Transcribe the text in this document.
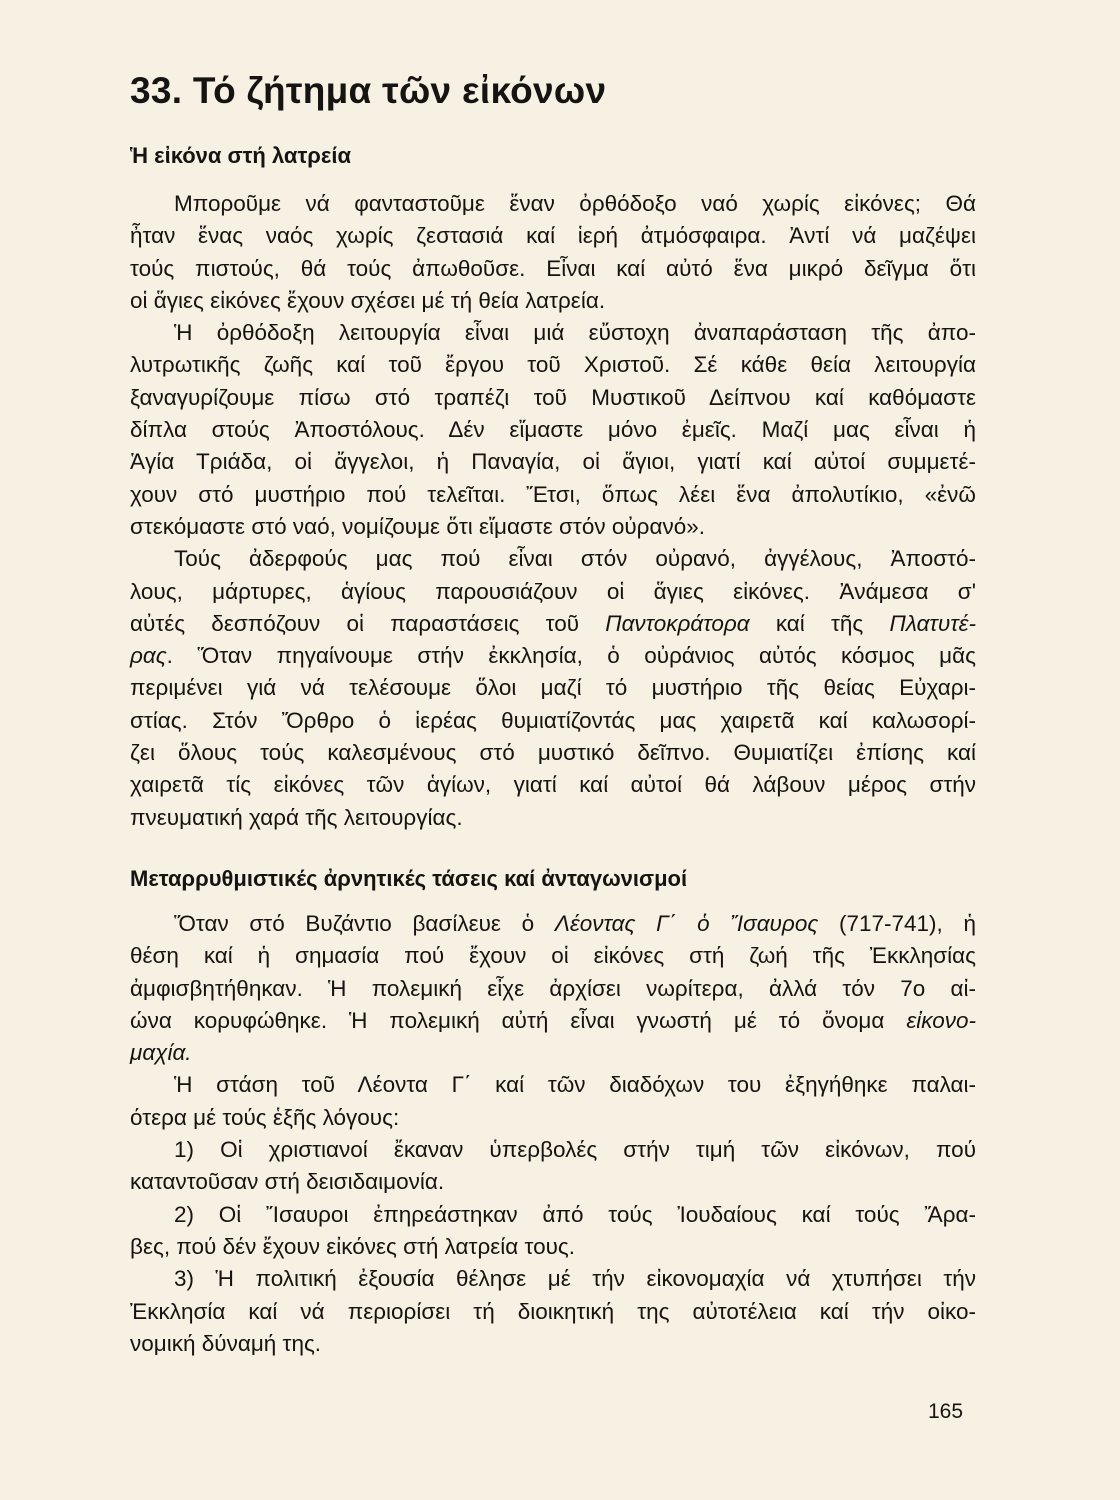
33. Τό ζήτημα τῶν εἰκόνων
Ἡ εἰκόνα στή λατρεία
Μποροῦμε νά φανταστοῦμε ἕναν ὀρθόδοξο ναό χωρίς εἰκόνες; Θά
ἦταν ἕνας ναός χωρίς ζεστασιά καί ἱερή ἀτμόσφαιρα. Ἀντί νά μαζέψει
τούς πιστούς, θά τούς ἀπωθοῦσε. Εἶναι καί αὐτό ἕνα μικρό δεῖγμα ὅτι
οἱ ἅγιες εἰκόνες ἔχουν σχέσει μέ τή θεία λατρεία.
Ἡ ὀρθόδοξη λειτουργία εἶναι μιά εὔστοχη ἀναπαράσταση τῆς ἀπο-
λυτρωτικῆς ζωῆς καί τοῦ ἔργου τοῦ Χριστοῦ. Σέ κάθε θεία λειτουργία
ξαναγυρίζουμε πίσω στό τραπέζι τοῦ Μυστικοῦ Δείπνου καί καθόμαστε
δίπλα στούς Ἀποστόλους. Δέν εἴμαστε μόνο ἐμεῖς. Μαζί μας εἶναι ἡ
Ἁγία Τριάδα, οἱ ἄγγελοι, ἡ Παναγία, οἱ ἅγιοι, γιατί καί αὐτοί συμμετέ-
χουν στό μυστήριο πού τελεῖται. Ἔτσι, ὅπως λέει ἕνα ἀπολυτίκιο, «ἐνῶ
στεκόμαστε στό ναό, νομίζουμε ὅτι εἴμαστε στόν οὐρανό».
Τούς ἀδερφούς μας πού εἶναι στόν οὐρανό, ἀγγέλους, Ἀποστό-
λους, μάρτυρες, ἁγίους παρουσιάζουν οἱ ἅγιες εἰκόνες. Ἀνάμεσα σ'
αὐτές δεσπόζουν οἱ παραστάσεις τοῦ Παντοκράτορα καί τῆς Πλατυτέ-
ρας. Ὅταν πηγαίνουμε στήν ἐκκλησία, ὁ οὐράνιος αὐτός κόσμος μᾶς
περιμένει γιά νά τελέσουμε ὅλοι μαζί τό μυστήριο τῆς θείας Εὐχαρι-
στίας. Στόν Ὄρθρο ὁ ἱερέας θυμιατίζοντάς μας χαιρετᾶ καί καλωσορί-
ζει ὅλους τούς καλεσμένους στό μυστικό δεῖπνο. Θυμιατίζει ἐπίσης καί
χαιρετᾶ τίς εἰκόνες τῶν ἁγίων, γιατί καί αὐτοί θά λάβουν μέρος στήν
πνευματική χαρά τῆς λειτουργίας.
Μεταρρυθμιστικές ἀρνητικές τάσεις καί ἀνταγωνισμοί
Ὅταν στό Βυζάντιο βασίλευε ὁ Λέοντας Γ΄ ὁ Ἴσαυρος (717-741), ἡ
θέση καί ἡ σημασία πού ἔχουν οἱ εἰκόνες στή ζωή τῆς Ἐκκλησίας
ἀμφισβητήθηκαν. Ἡ πολεμική εἶχε ἀρχίσει νωρίτερα, ἀλλά τόν 7ο αἰ-
ώνα κορυφώθηκε. Ἡ πολεμική αὐτή εἶναι γνωστή μέ τό ὄνομα εἰκονο-
μαχία.
Ἡ στάση τοῦ Λέοντα Γ΄ καί τῶν διαδόχων του ἐξηγήθηκε παλαι-
ότερα μέ τούς ἑξῆς λόγους:
1) Οἱ χριστιανοί ἔκαναν ὑπερβολές στήν τιμή τῶν εἰκόνων, πού
καταντοῦσαν στή δεισιδαιμονία.
2) Οἱ Ἴσαυροι ἐπηρεάστηκαν ἀπό τούς Ἰουδαίους καί τούς Ἄρα-
βες, πού δέν ἔχουν εἰκόνες στή λατρεία τους.
3) Ἡ πολιτική ἐξουσία θέλησε μέ τήν εἰκονομαχία νά χτυπήσει τήν
Ἐκκλησία καί νά περιορίσει τή διοικητική της αὐτοτέλεια καί τήν οἰκο-
νομική δύναμή της.
165
